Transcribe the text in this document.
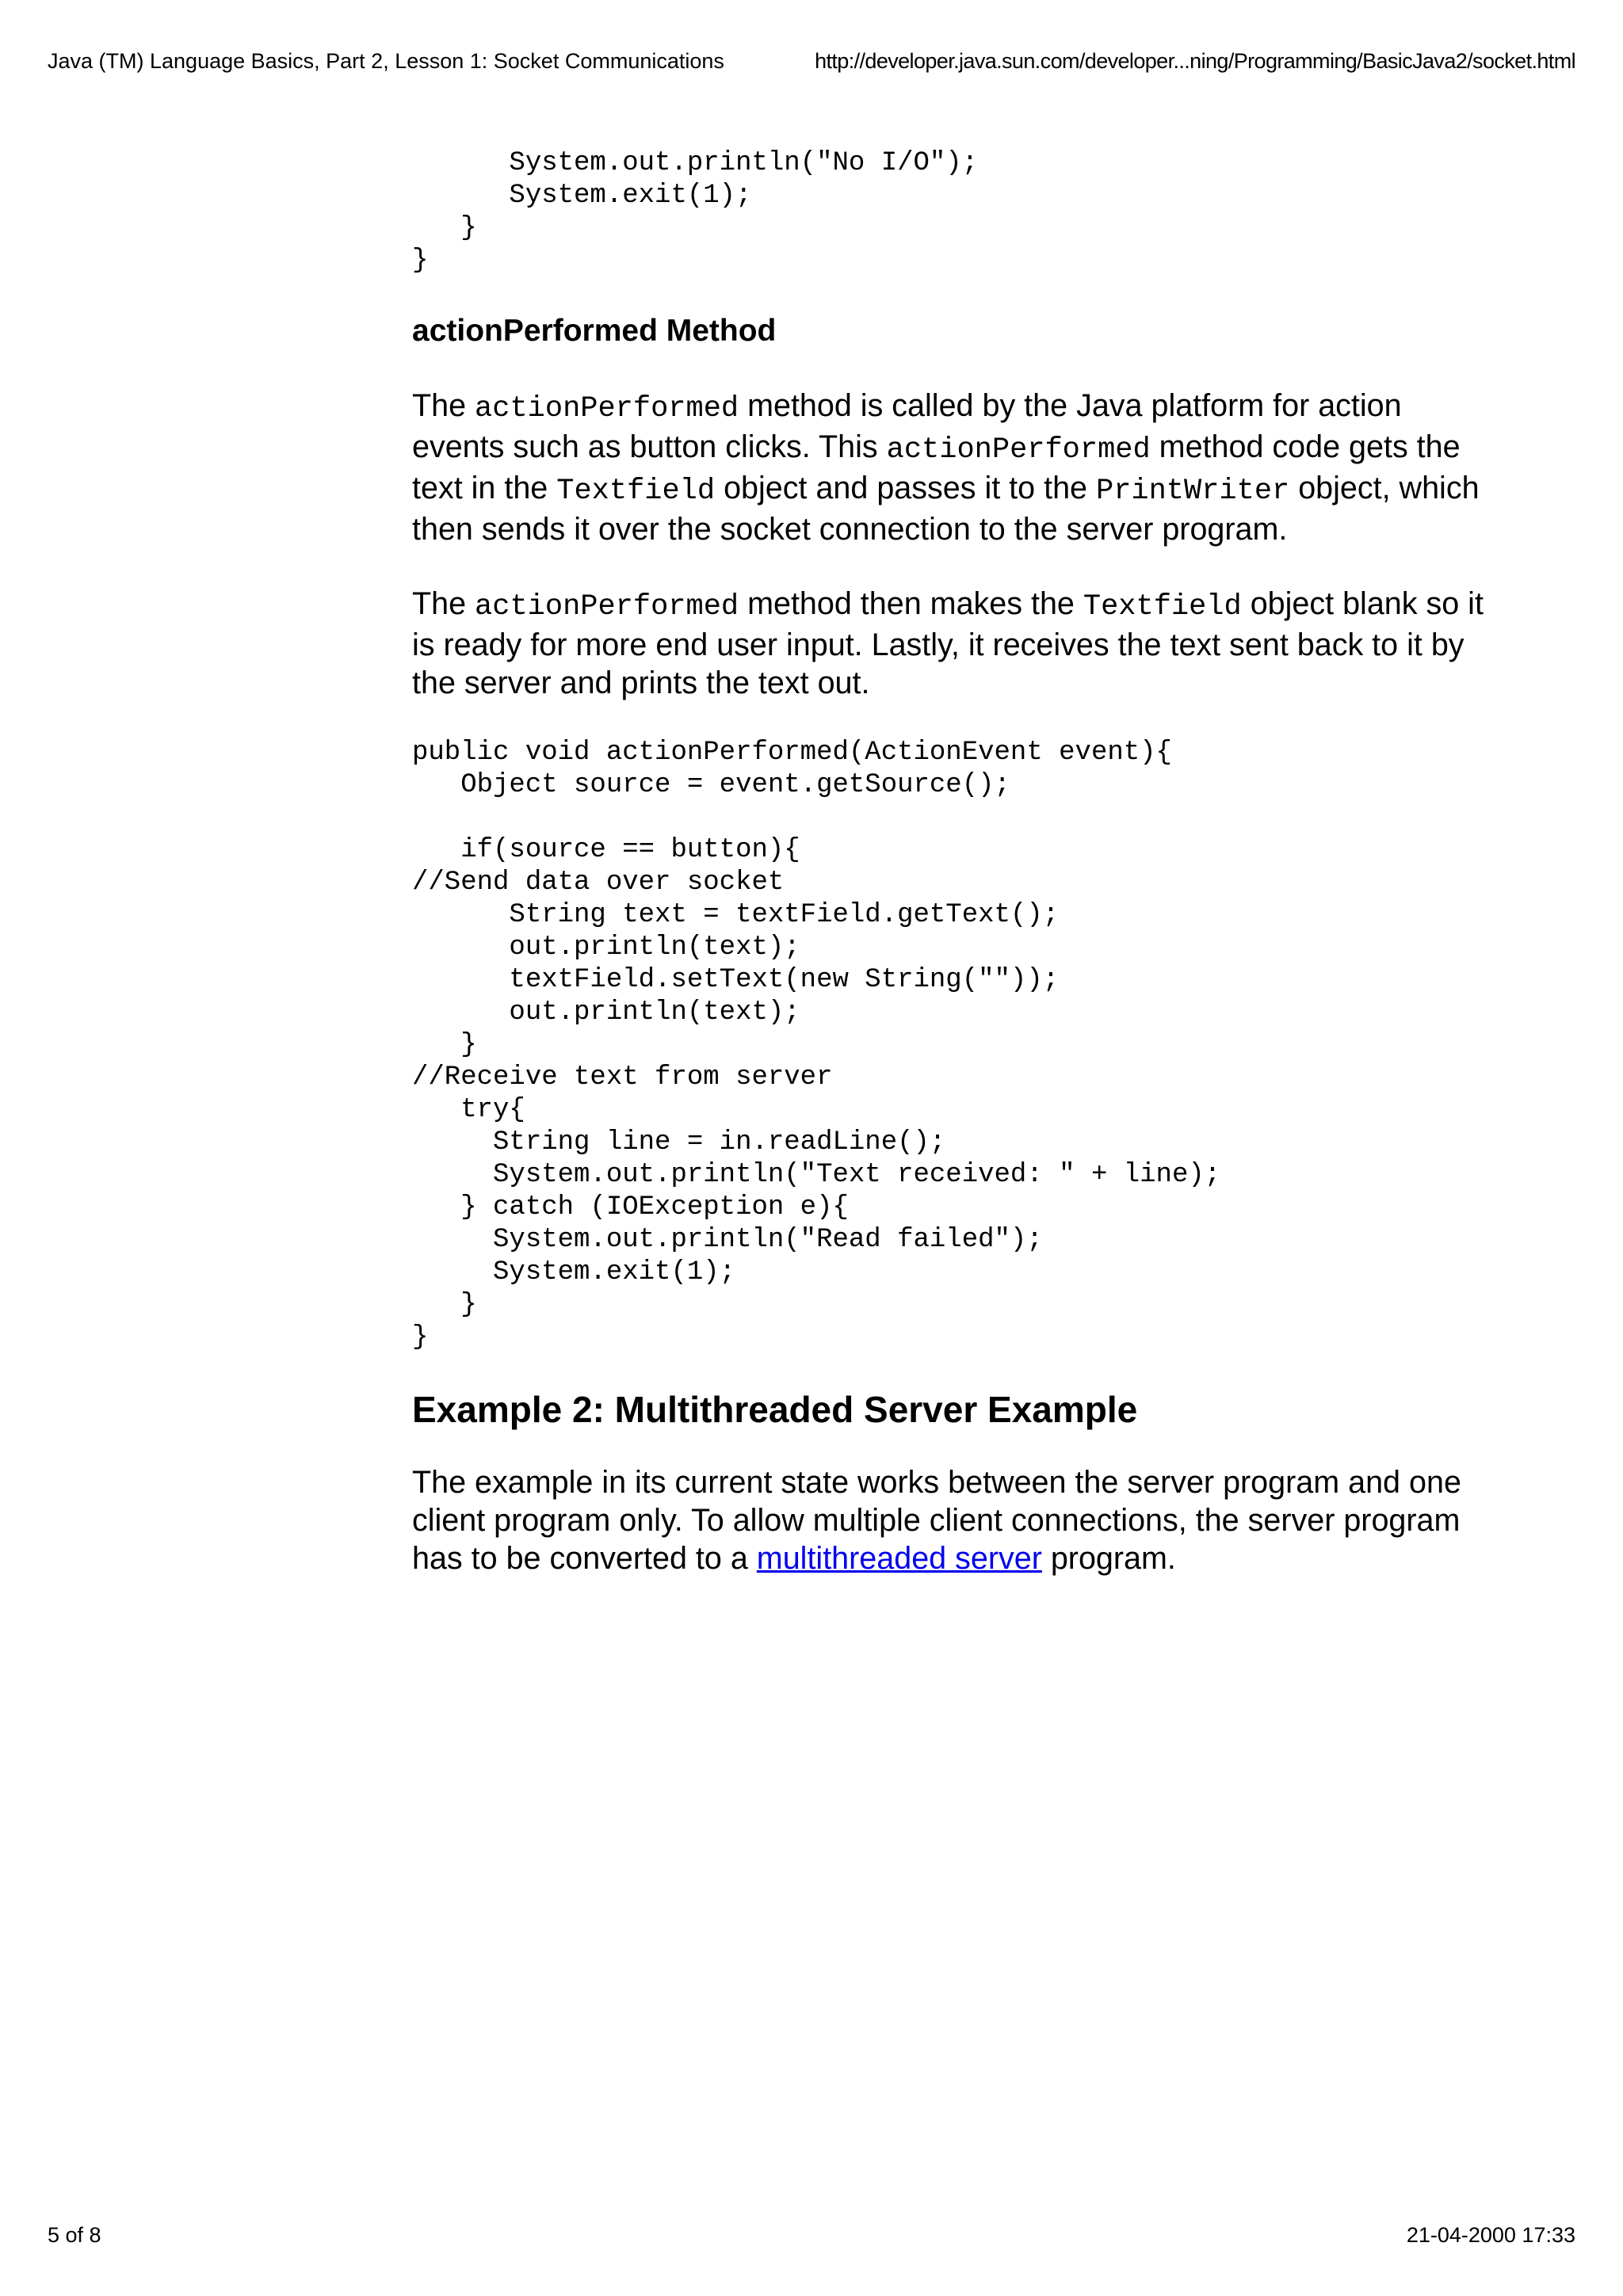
Java (TM) Language Basics, Part 2, Lesson 1: Socket Communications	http://developer.java.sun.com/developer...ning/Programming/BasicJava2/socket.html
System.out.println("No I/O");
System.exit(1);
}
}
actionPerformed Method

The actionPerformed method is called by the Java platform for action events such as button clicks. This actionPerformed method code gets the text in the Textfield object and passes it to the PrintWriter object, which then sends it over the socket connection to the server program.

The actionPerformed method then makes the Textfield object blank so it is ready for more end user input. Lastly, it receives the text sent back to it by the server and prints the text out.

public void actionPerformed(ActionEvent event){
Object source = event.getSource();

if(source == button){
//Send data over socket
String text = textField.getText();
out.println(text);
textField.setText(new String(""));
out.println(text);
}
//Receive text from server
try{
String line = in.readLine();
System.out.println("Text received: " + line);
} catch (IOException e){
System.out.println("Read failed");
System.exit(1);
}
}
Example 2: Multithreaded Server Example

The example in its current state works between the server program and one client program only. To allow multiple client connections, the server program has to be converted to a multithreaded server program.

5 of 8	21-04-2000 17:33
